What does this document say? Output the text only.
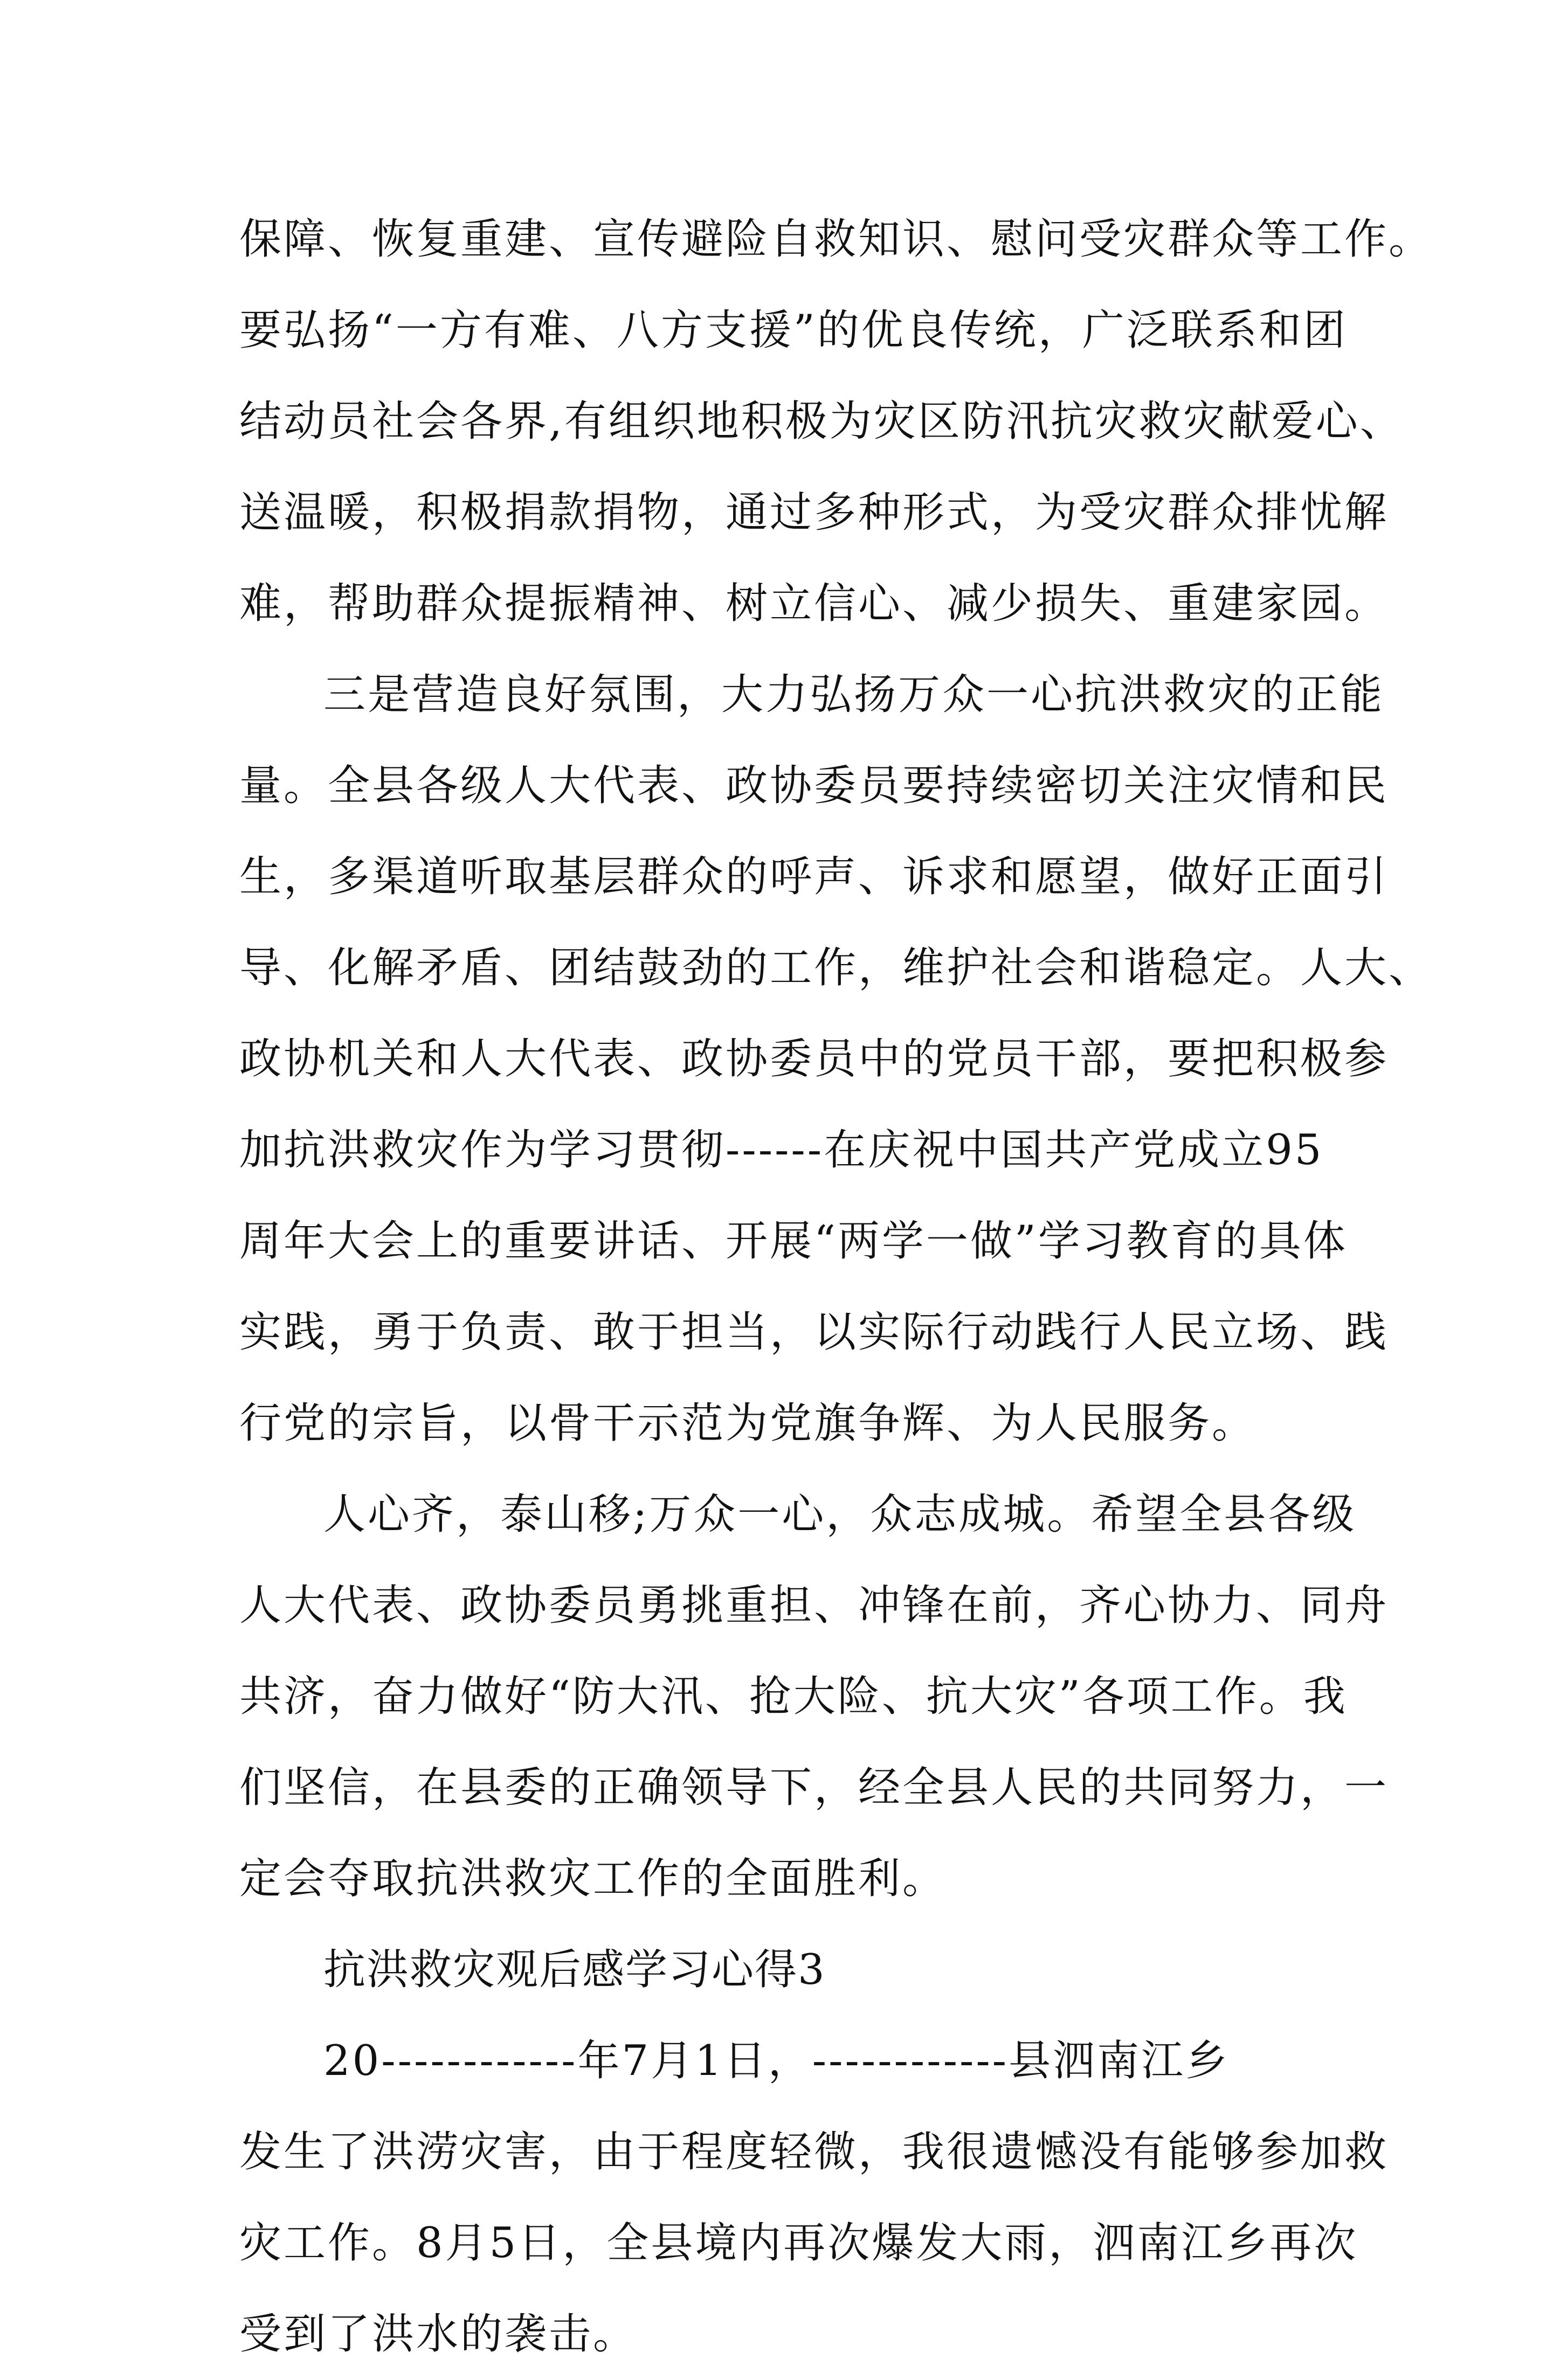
保障、恢复重建、宣传避险自救知识、慰问受灾群众等工作。
要弘扬“一方有难、八方支援”的优良传统，广泛联系和团
结动员社会各界,有组织地积极为灾区防汛抗灾救灾献爱心、
送温暖，积极捐款捐物，通过多种形式，为受灾群众排忧解
难，帮助群众提振精神、树立信心、减少损失、重建家园。
三是营造良好氛围，大力弘扬万众一心抗洪救灾的正能
量。全县各级人大代表、政协委员要持续密切关注灾情和民
生，多渠道听取基层群众的呼声、诉求和愿望，做好正面引
导、化解矛盾、团结鼓劲的工作，维护社会和谐稳定。人大、
政协机关和人大代表、政协委员中的党员干部，要把积极参
加抗洪救灾作为学习贯彻------在庆祝中国共产党成立95
周年大会上的重要讲话、开展“两学一做”学习教育的具体
实践，勇于负责、敢于担当，以实际行动践行人民立场、践
行党的宗旨，以骨干示范为党旗争辉、为人民服务。
人心齐，泰山移;万众一心，众志成城。希望全县各级
人大代表、政协委员勇挑重担、冲锋在前，齐心协力、同舟
共济，奋力做好“防大汛、抢大险、抗大灾”各项工作。我
们坚信，在县委的正确领导下，经全县人民的共同努力，一
定会夺取抗洪救灾工作的全面胜利。
抗洪救灾观后感学习心得3
20------------年7月1日，------------县泗南江乡
发生了洪涝灾害，由于程度轻微，我很遗憾没有能够参加救
灾工作。8月5日，全县境内再次爆发大雨，泗南江乡再次
受到了洪水的袭击。
